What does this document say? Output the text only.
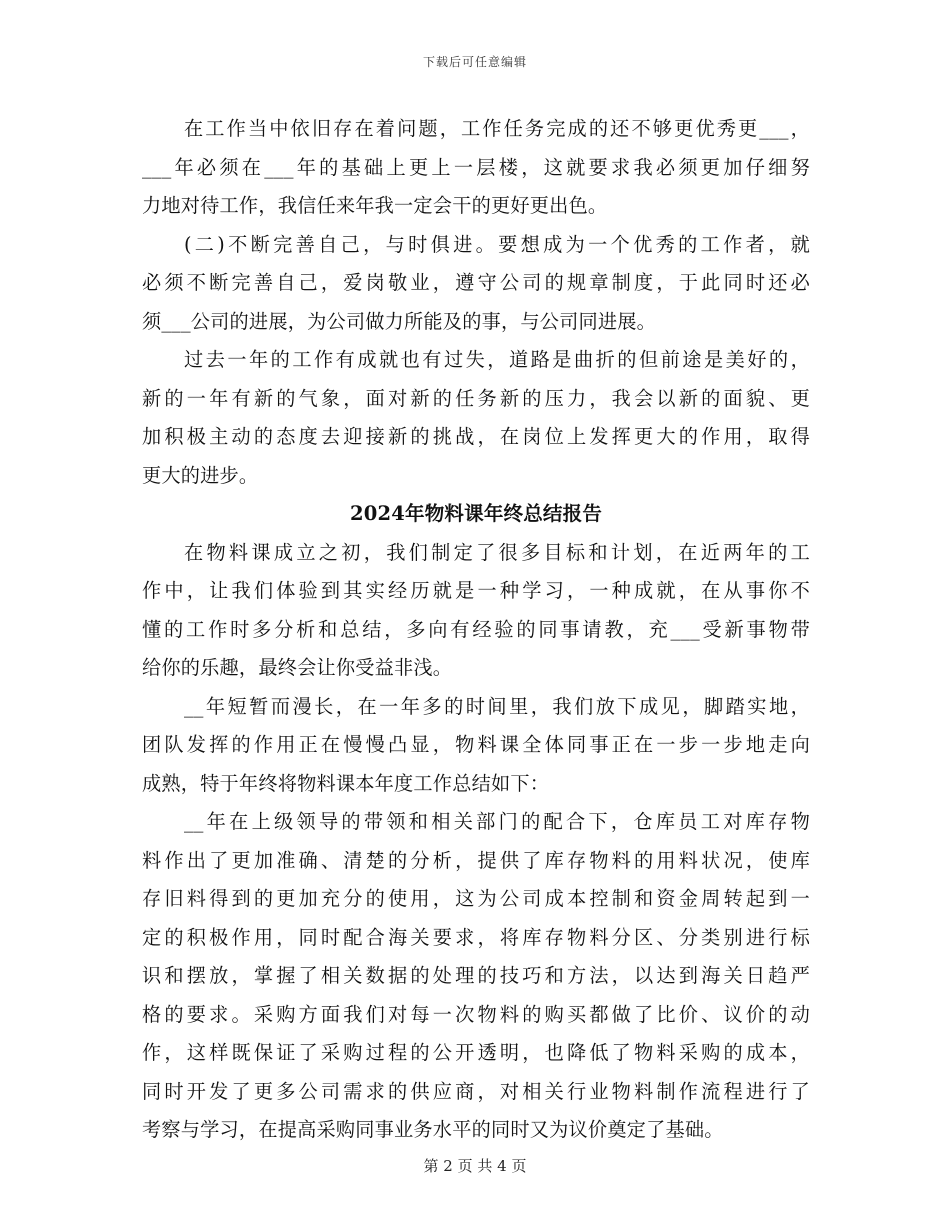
下载后可任意编辑
在工作当中依旧存在着问题，工作任务完成的还不够更优秀更___，
___年必须在___年的基础上更上一层楼，这就要求我必须更加仔细努
力地对待工作，我信任来年我一定会干的更好更出色。
(二)不断完善自己，与时俱进。要想成为一个优秀的工作者，就
必须不断完善自己，爱岗敬业，遵守公司的规章制度，于此同时还必
须___公司的进展，为公司做力所能及的事，与公司同进展。
过去一年的工作有成就也有过失，道路是曲折的但前途是美好的，
新的一年有新的气象，面对新的任务新的压力，我会以新的面貌、更
加积极主动的态度去迎接新的挑战，在岗位上发挥更大的作用，取得
更大的进步。
2024年物料课年终总结报告
在物料课成立之初，我们制定了很多目标和计划，在近两年的工
作中，让我们体验到其实经历就是一种学习，一种成就，在从事你不
懂的工作时多分析和总结，多向有经验的同事请教，充___受新事物带
给你的乐趣，最终会让你受益非浅。
__年短暂而漫长，在一年多的时间里，我们放下成见，脚踏实地，
团队发挥的作用正在慢慢凸显，物料课全体同事正在一步一步地走向
成熟，特于年终将物料课本年度工作总结如下：
__年在上级领导的带领和相关部门的配合下，仓库员工对库存物
料作出了更加准确、清楚的分析，提供了库存物料的用料状况，使库
存旧料得到的更加充分的使用，这为公司成本控制和资金周转起到一
定的积极作用，同时配合海关要求，将库存物料分区、分类别进行标
识和摆放，掌握了相关数据的处理的技巧和方法，以达到海关日趋严
格的要求。采购方面我们对每一次物料的购买都做了比价、议价的动
作，这样既保证了采购过程的公开透明，也降低了物料采购的成本，
同时开发了更多公司需求的供应商，对相关行业物料制作流程进行了
考察与学习，在提高采购同事业务水平的同时又为议价奠定了基础。
第 2 页 共 4 页
